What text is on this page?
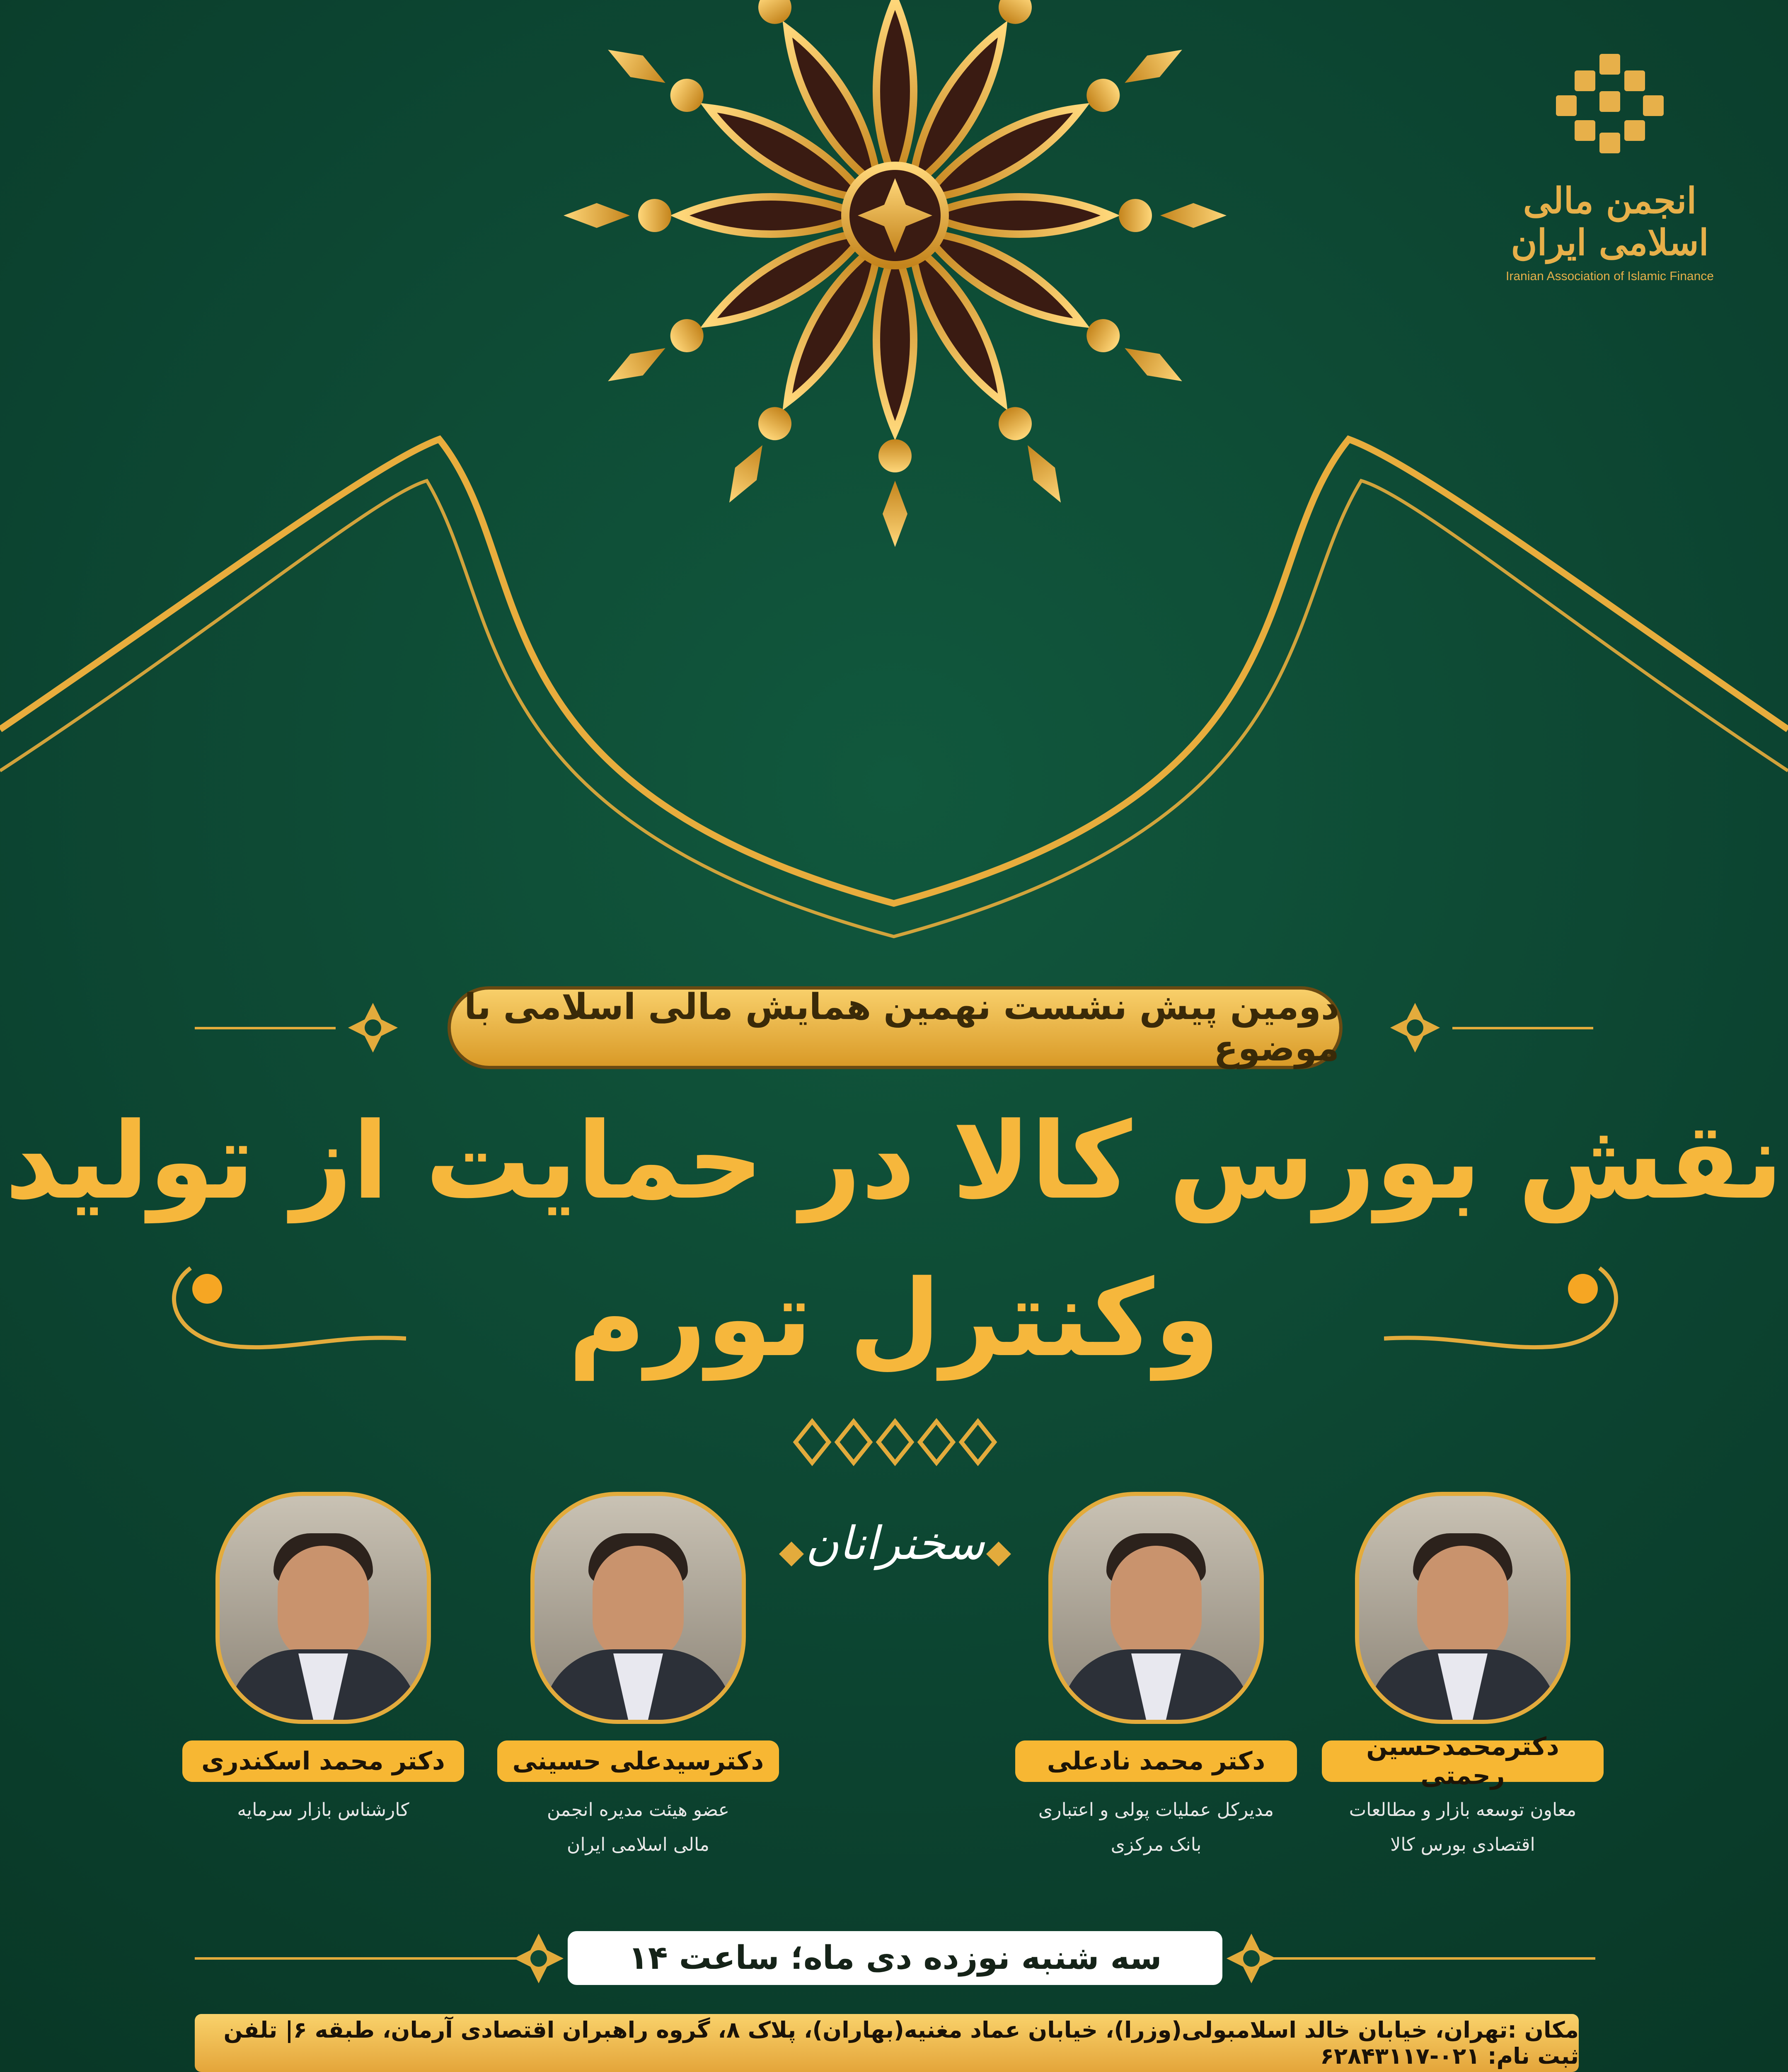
انجمن مالی اسلامی ایران
Iranian Association of Islamic Finance
دومین پیش نشست نهمین همایش مالی اسلامی با موضوع
نقش بورس کالا در حمایت از تولید
وکنترل تورم
سخنرانان
دکترمحمدحسین رحمتی
معاون توسعه بازار و مطالعات
اقتصادی بورس کالا
دکتر محمد نادعلی
مدیرکل عملیات پولی و اعتباری
بانک مرکزی
دکترسیدعلی حسینی
عضو هیئت مدیره انجمن
مالی اسلامی ایران
دکتر محمد اسکندری
کارشناس بازار سرمایه
سه شنبه نوزده دی ماه؛ ساعت ۱۴
مکان :تهران، خیابان خالد اسلامبولی(وزرا)، خیابان عماد مغنیه(بهاران)، پلاک ۸، گروه راهبران اقتصادی آرمان، طبقه ۶| تلفن ثبت نام: ۰۲۱-۶۲۸۴۳۱۱۷
